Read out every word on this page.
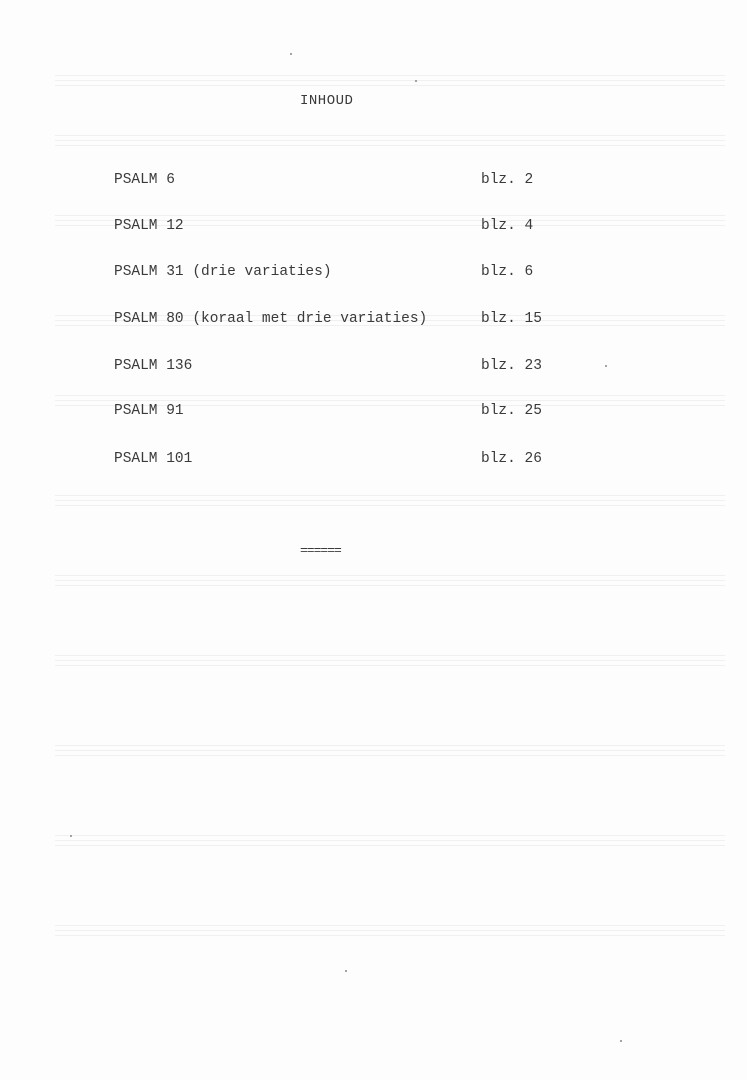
INHOUD
PSALM 6	blz. 2
PSALM 12	blz. 4
PSALM 31 (drie variaties)	blz. 6
PSALM 80 (koraal met drie variaties)	blz. 15
PSALM 136	blz. 23
PSALM 91	blz. 25
PSALM 101	blz. 26
======
